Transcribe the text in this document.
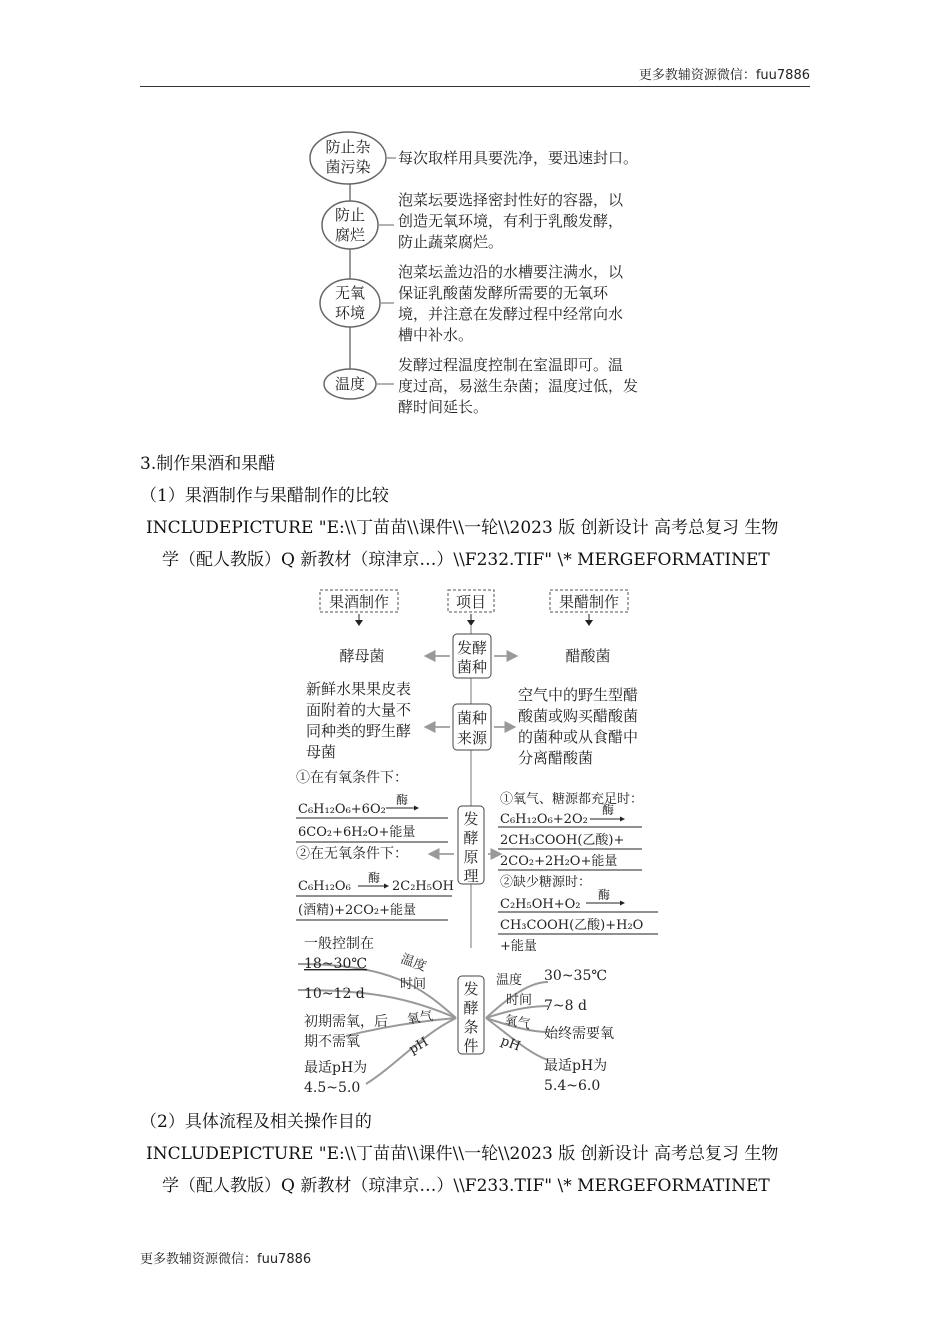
更多教辅资源微信：fuu7886
更多教辅资源微信：fuu7886
防止杂
菌污染 每次取样用具要洗净，要迅速封口。
防止
腐烂
泡菜坛要选择密封性好的容器，以
创造无氧环境，有利于乳酸发酵，
防止蔬菜腐烂。
无氧
环境
泡菜坛盖边沿的水槽要注满水，以
保证乳酸菌发酵所需要的无氧环
境，并注意在发酵过程中经常向水
槽中补水。
温度
发酵过程温度控制在室温即可。温
度过高，易滋生杂菌；温度过低，发
酵时间延长。
3.制作果酒和果醋
（1）果酒制作与果醋制作的比较
INCLUDEPICTURE "E:\\丁苗苗\\课件\\一轮\\2023 版 创新设计 高考总复习 生物
学（配人教版）Q 新教材（琼津京…）\\F232.TIF" \* MERGEFORMATINET
果酒制作	项目	果醋制作
发酵
菌种
酵母菌	醋酸菌
菌种
来源
新鲜水果果皮表
面附着的大量不
同种类的野生酵
母菌
空气中的野生型醋
酸菌或购买醋酸菌
的菌种或从食醋中
分离醋酸菌
发
酵
原
理
①在有氧条件下：
C₆H₁₂O₆+6O₂
酶
6CO₂+6H₂O+能量
②在无氧条件下：
C₆H₁₂O₆
酶
2C₂H₅OH
(酒精)+2CO₂+能量
①氧气、糖源都充足时：
C₆H₁₂O₆+2O₂
酶
2CH₃COOH(乙酸)+
2CO₂+2H₂O+能量
②缺少糖源时：
C₂H₅OH+O₂
酶
CH₃COOH(乙酸)+H₂O
+能量
发
酵
条
件
温度
时间
氧气
pH
一般控制在
18~30℃
10~12 d
初期需氧，后
期不需氧
最适pH为
4.5~5.0
温度
时间
氧气
pH
30~35℃
7~8 d
始终需要氧
最适pH为
5.4~6.0
（2）具体流程及相关操作目的
INCLUDEPICTURE "E:\\丁苗苗\\课件\\一轮\\2023 版 创新设计 高考总复习 生物
学（配人教版）Q 新教材（琼津京…）\\F233.TIF" \* MERGEFORMATINET
